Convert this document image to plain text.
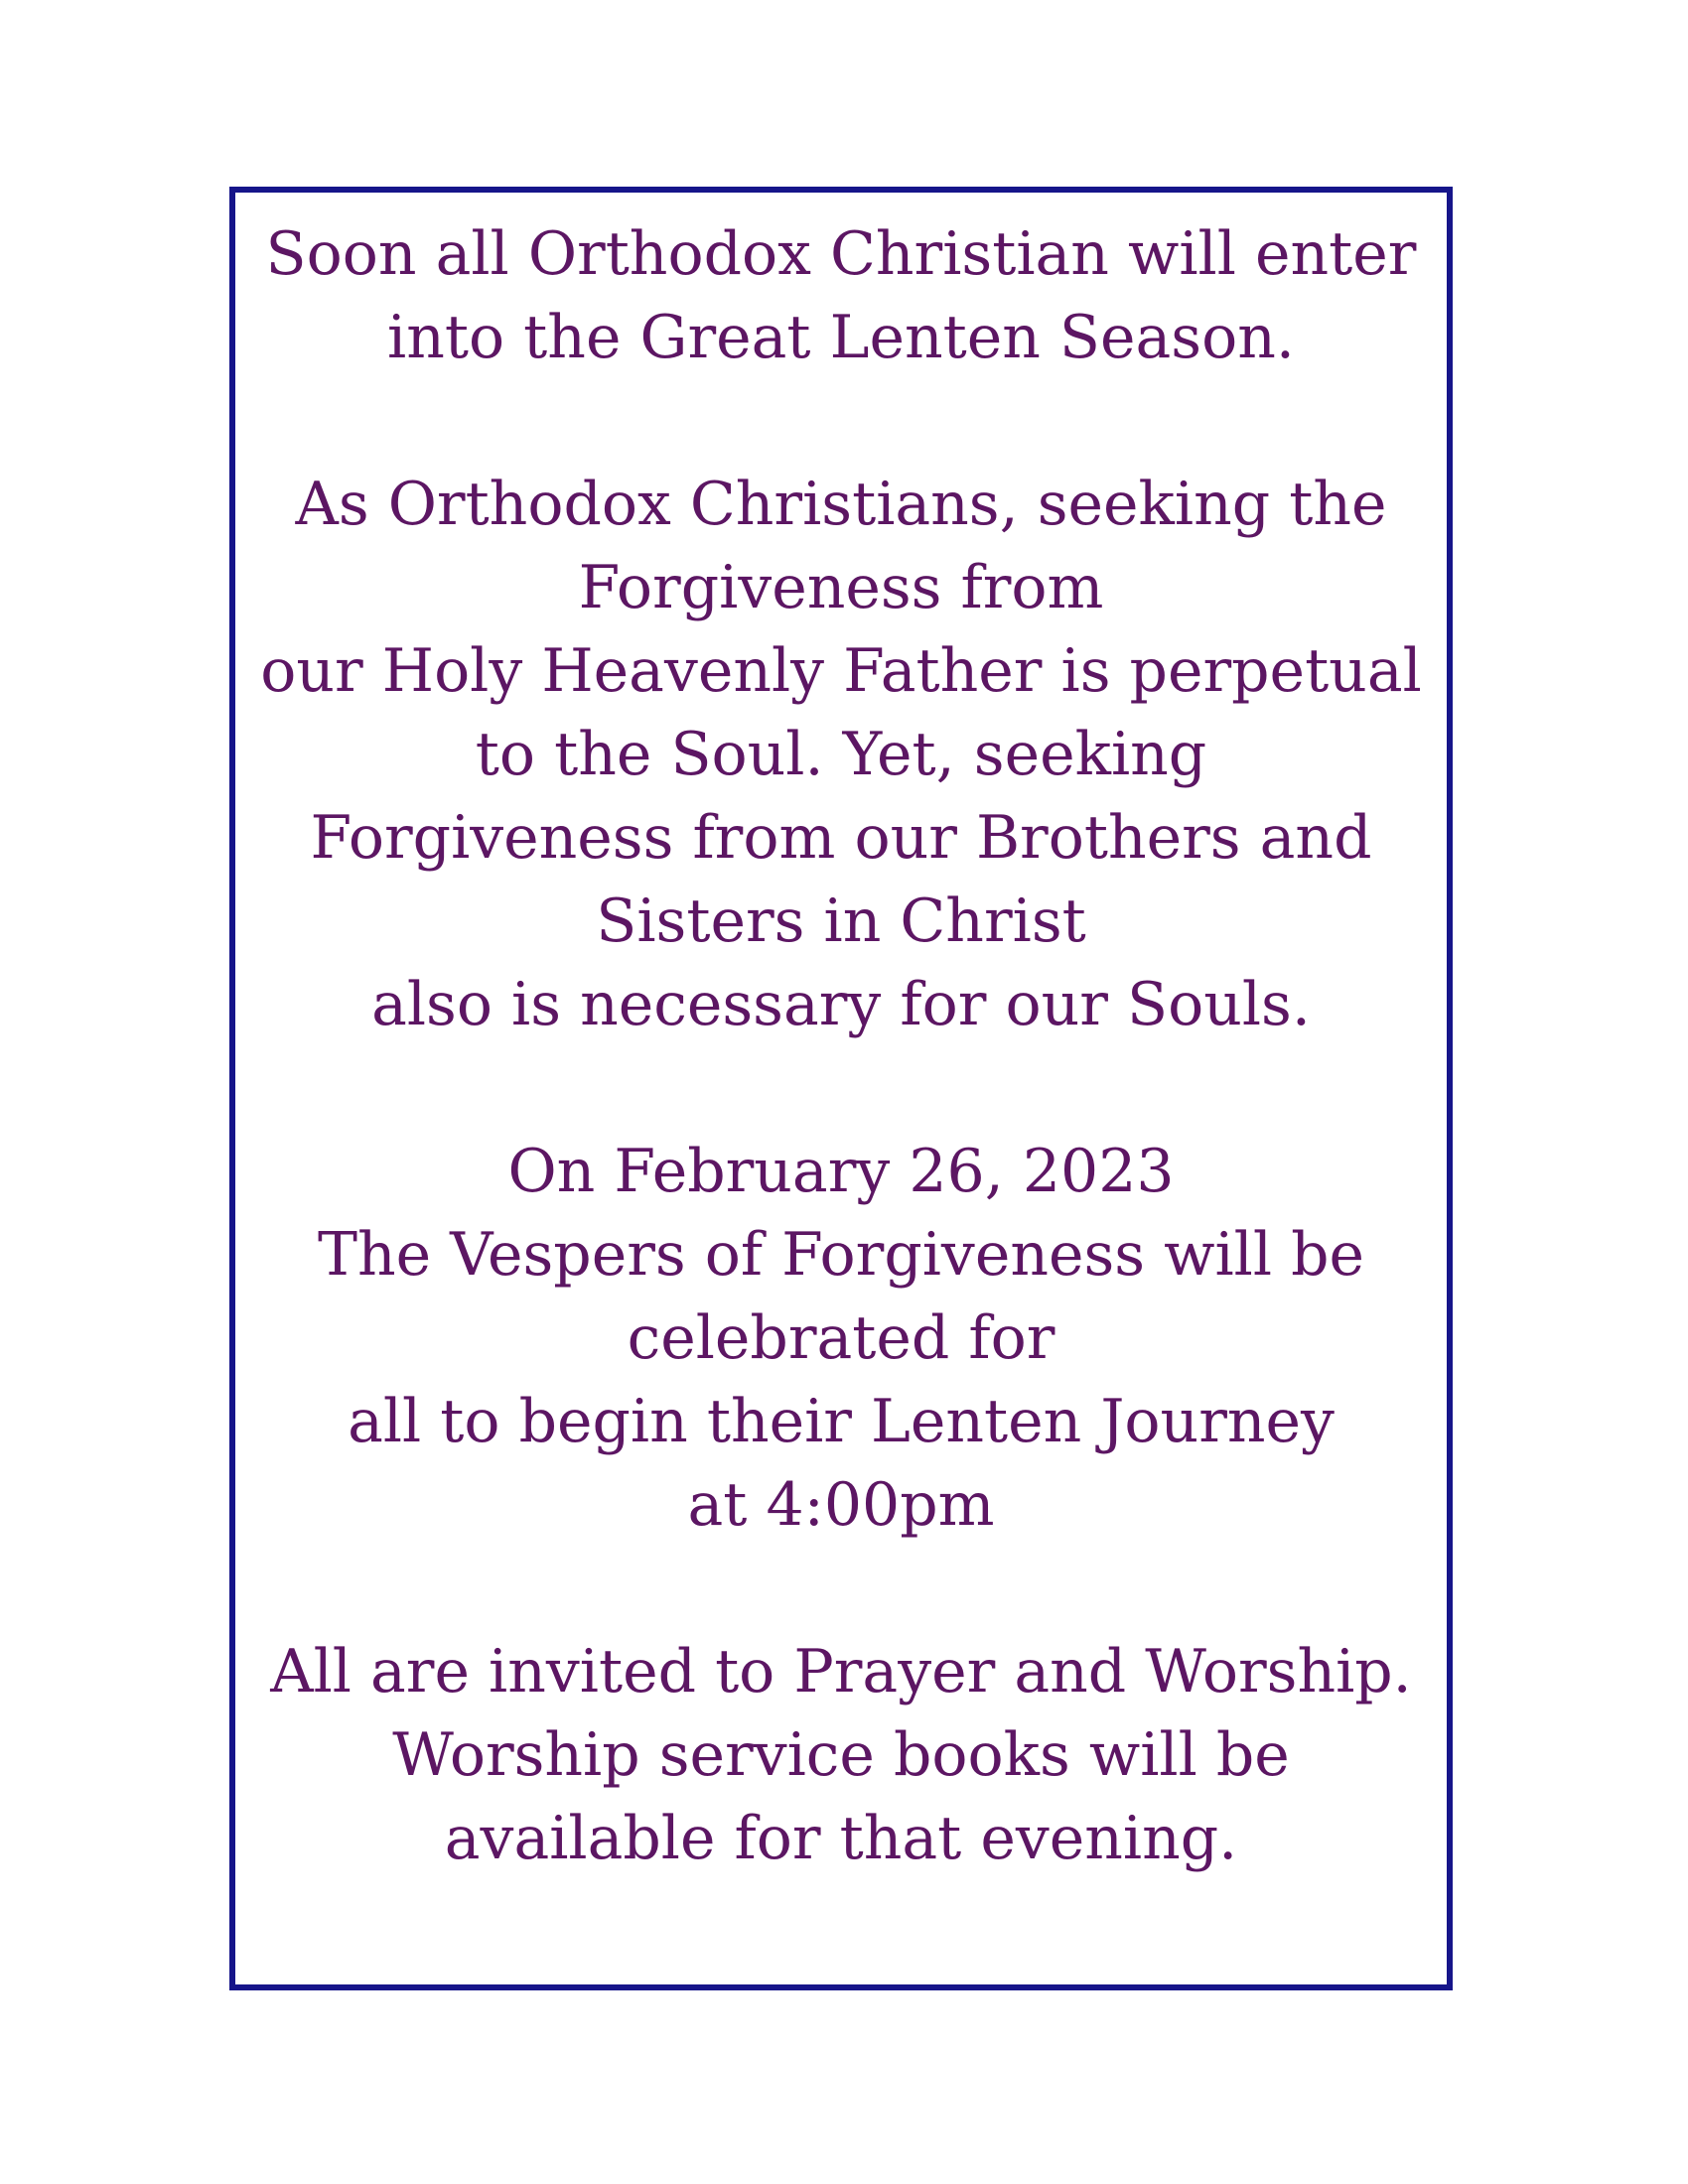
Soon all Orthodox Christian will enter
into the Great Lenten Season.
As Orthodox Christians, seeking the
Forgiveness from
our Holy Heavenly Father is perpetual
to the Soul. Yet, seeking
Forgiveness from our Brothers and
Sisters in Christ
also is necessary for our Souls.
On February 26, 2023
The Vespers of Forgiveness will be
celebrated for
all to begin their Lenten Journey
at 4:00pm
All are invited to Prayer and Worship.
Worship service books will be
available for that evening.
